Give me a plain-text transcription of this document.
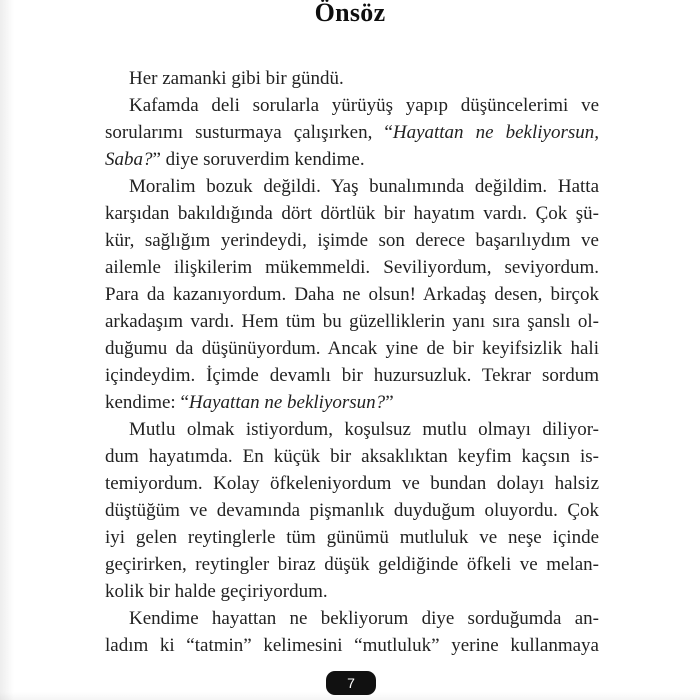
Önsöz
Her zamanki gibi bir gündü.
Kafamda deli sorularla yürüyüş yapıp düşüncelerimi ve
sorularımı susturmaya çalışırken, “Hayattan ne bekliyorsun,
Saba?” diye soruverdim kendime.
Moralim bozuk değildi. Yaş bunalımında değildim. Hatta
karşıdan bakıldığında dört dörtlük bir hayatım vardı. Çok şü-
kür, sağlığım yerindeydi, işimde son derece başarılıydım ve
ailemle ilişkilerim mükemmeldi. Seviliyordum, seviyordum.
Para da kazanıyordum. Daha ne olsun! Arkadaş desen, birçok
arkadaşım vardı. Hem tüm bu güzelliklerin yanı sıra şanslı ol-
duğumu da düşünüyordum. Ancak yine de bir keyifsizlik hali
içindeydim. İçimde devamlı bir huzursuzluk. Tekrar sordum
kendime: “Hayattan ne bekliyorsun?”
Mutlu olmak istiyordum, koşulsuz mutlu olmayı diliyor-
dum hayatımda. En küçük bir aksaklıktan keyfim kaçsın is-
temiyordum. Kolay öfkeleniyordum ve bundan dolayı halsiz
düştüğüm ve devamında pişmanlık duyduğum oluyordu. Çok
iyi gelen reytinglerle tüm günümü mutluluk ve neşe içinde
geçirirken, reytingler biraz düşük geldiğinde öfkeli ve melan-
kolik bir halde geçiriyordum.
Kendime hayattan ne bekliyorum diye sorduğumda an-
ladım ki “tatmin” kelimesini “mutluluk” yerine kullanmaya
7
